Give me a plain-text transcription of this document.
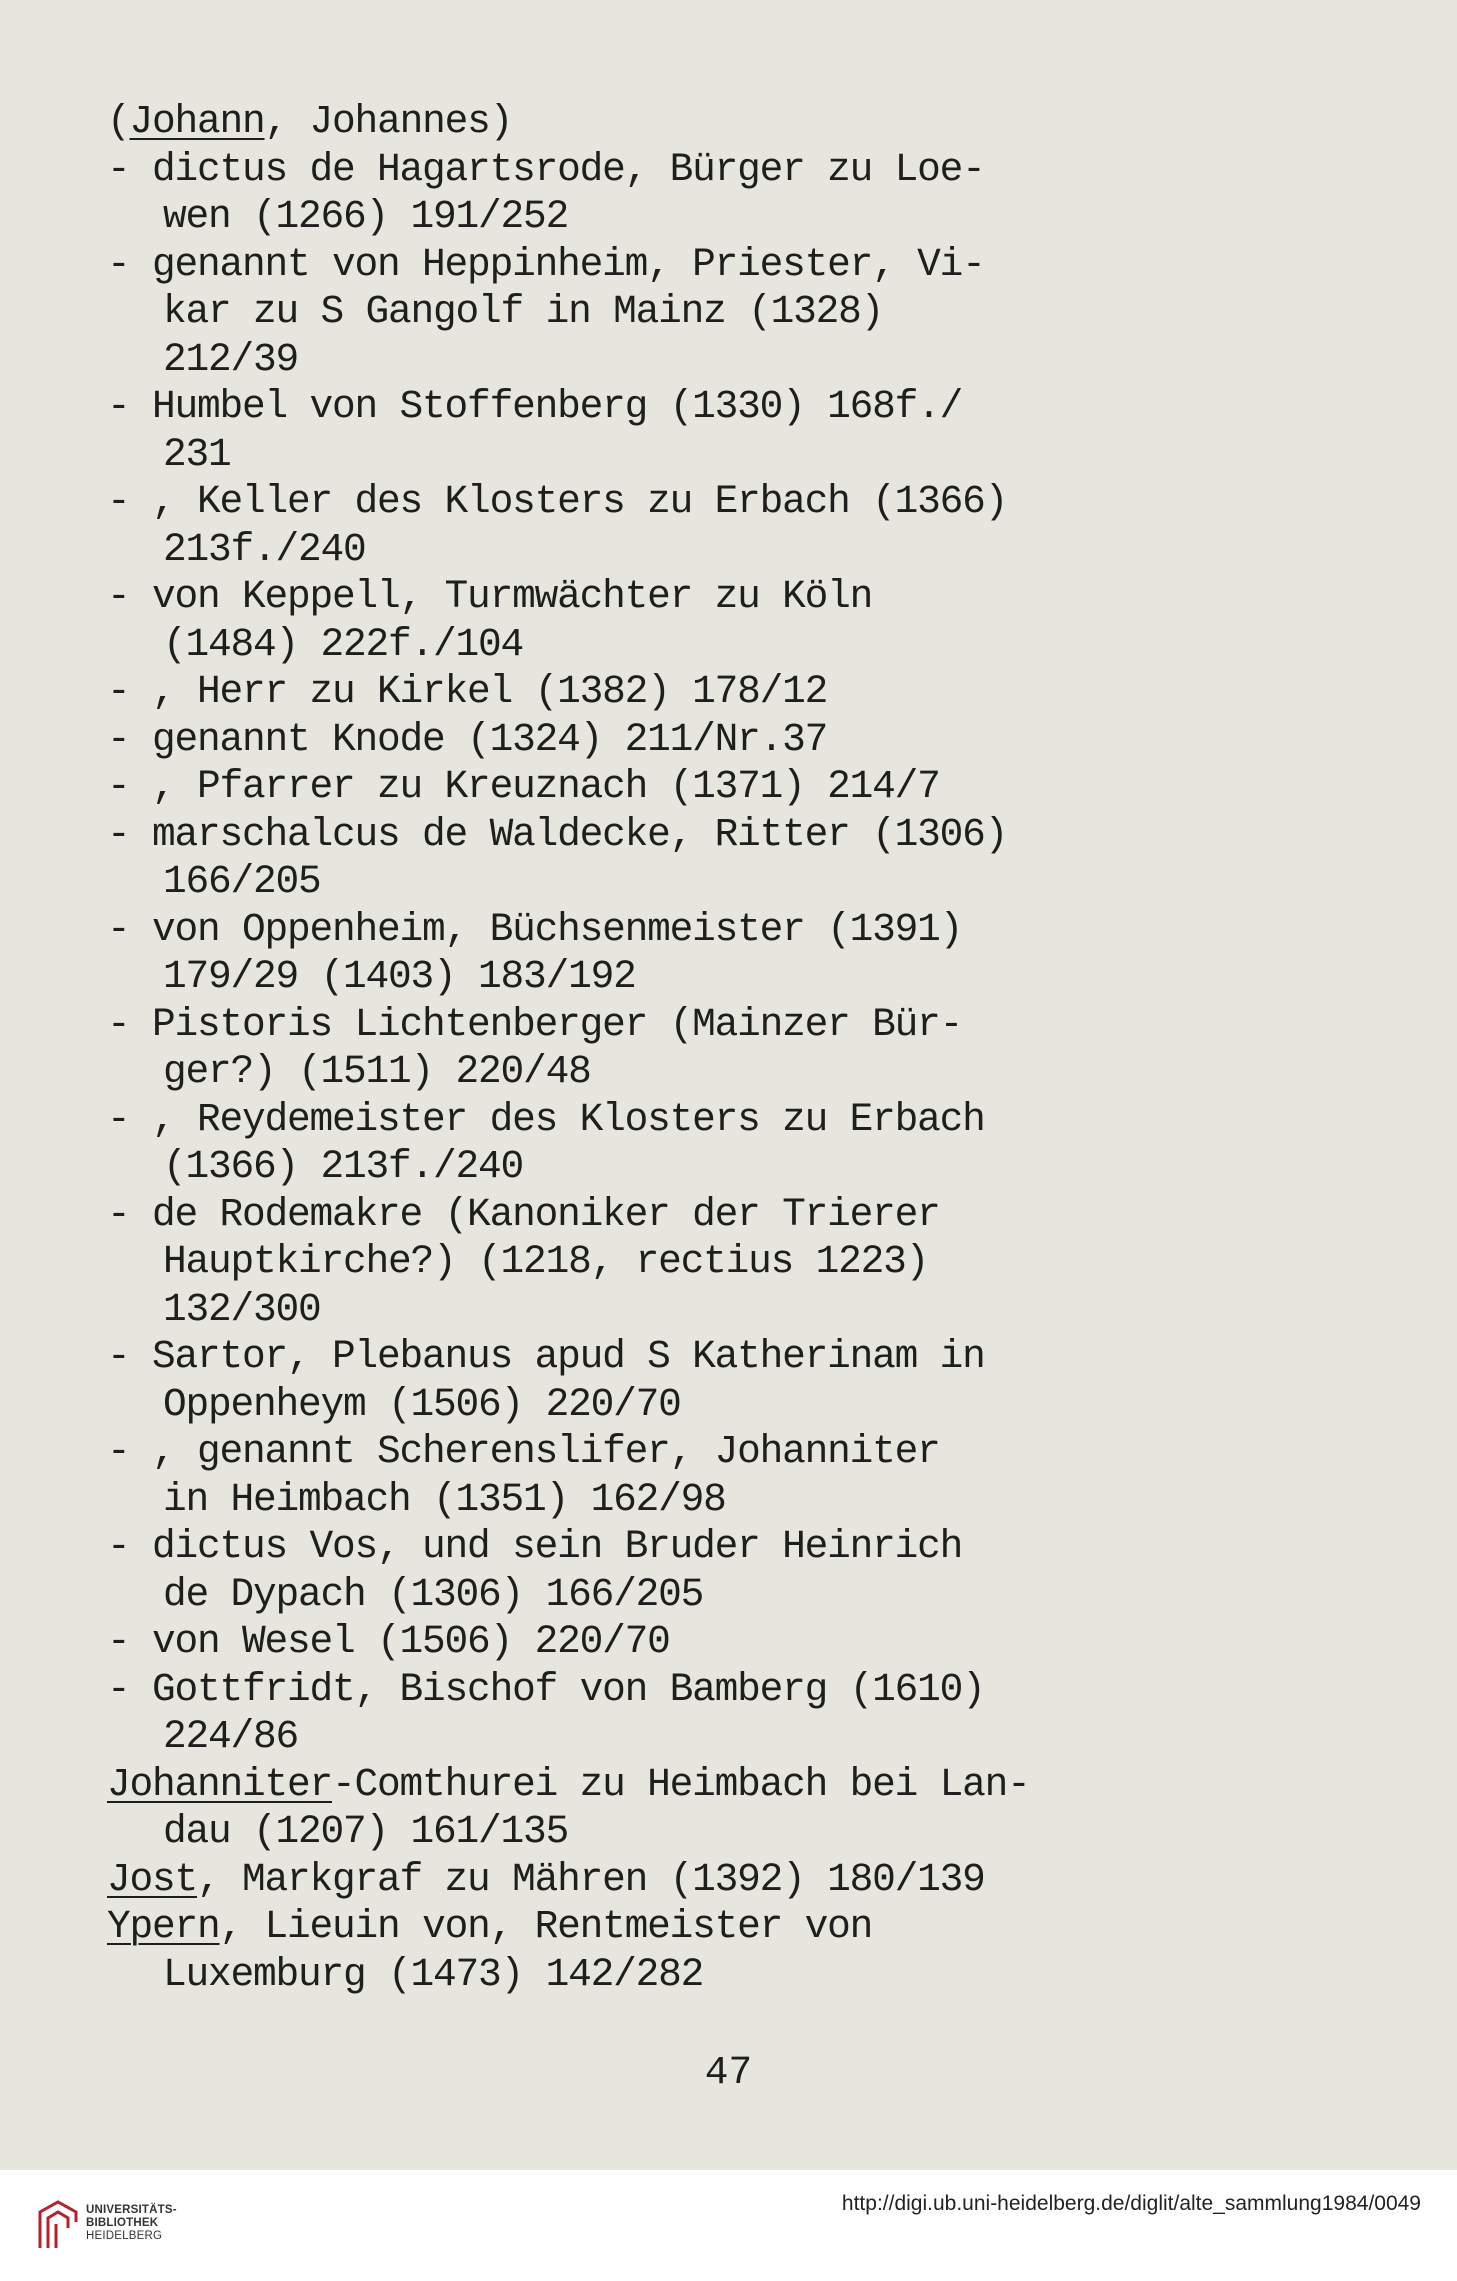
(Johann, Johannes)
- dictus de Hagartsrode, Bürger zu Loe-
wen (1266) 191/252
- genannt von Heppinheim, Priester, Vi-
kar zu S Gangolf in Mainz (1328)
212/39
- Humbel von Stoffenberg (1330) 168f./
231
- , Keller des Klosters zu Erbach (1366)
213f./240
- von Keppell, Turmwächter zu Köln
(1484) 222f./104
- , Herr zu Kirkel (1382) 178/12
- genannt Knode (1324) 211/Nr.37
- , Pfarrer zu Kreuznach (1371) 214/7
- marschalcus de Waldecke, Ritter (1306)
166/205
- von Oppenheim, Büchsenmeister (1391)
179/29 (1403) 183/192
- Pistoris Lichtenberger (Mainzer Bür-
ger?) (1511) 220/48
- , Reydemeister des Klosters zu Erbach
(1366) 213f./240
- de Rodemakre (Kanoniker der Trierer
Hauptkirche?) (1218, rectius 1223)
132/300
- Sartor, Plebanus apud S Katherinam in
Oppenheym (1506) 220/70
- , genannt Scherenslifer, Johanniter
in Heimbach (1351) 162/98
- dictus Vos, und sein Bruder Heinrich
de Dypach (1306) 166/205
- von Wesel (1506) 220/70
- Gottfridt, Bischof von Bamberg (1610)
224/86
Johanniter-Comthurei zu Heimbach bei Lan-
dau (1207) 161/135
Jost, Markgraf zu Mähren (1392) 180/139
Ypern, Lieuin von, Rentmeister von
Luxemburg (1473) 142/282
47
UNIVERSITÄTS-
BIBLIOTHEK
HEIDELBERG
http://digi.ub.uni-heidelberg.de/diglit/alte_sammlung1984/0049
